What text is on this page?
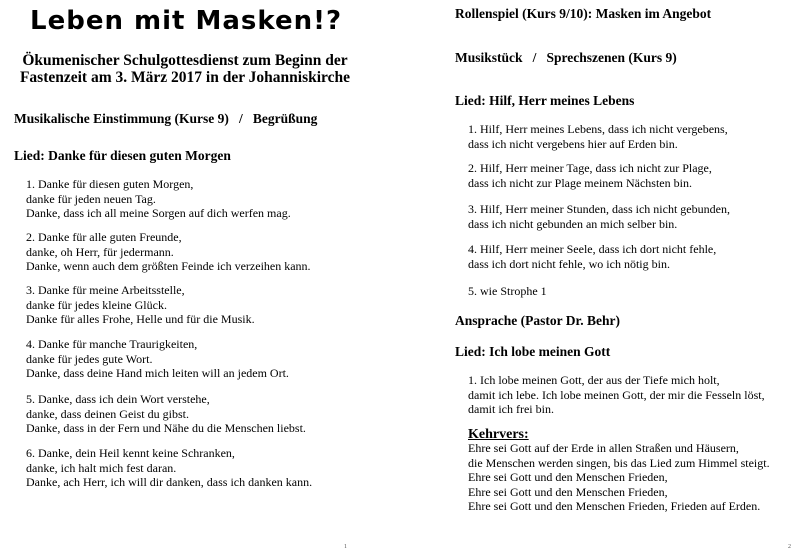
Leben mit Masken!?
Ökumenischer Schulgottesdienst zum Beginn der
Fastenzeit am 3. März 2017 in der Johanniskirche
Musikalische Einstimmung (Kurse 9)   /   Begrüßung
Lied: Danke für diesen guten Morgen
1. Danke für diesen guten Morgen,
danke für jeden neuen Tag.
Danke, dass ich all meine Sorgen auf dich werfen mag.
2. Danke für alle guten Freunde,
danke, oh Herr, für jedermann.
Danke, wenn auch dem größten Feinde ich verzeihen kann.
3. Danke für meine Arbeitsstelle,
danke für jedes kleine Glück.
Danke für alles Frohe, Helle und für die Musik.
4. Danke für manche Traurigkeiten,
danke für jedes gute Wort.
Danke, dass deine Hand mich leiten will an jedem Ort.
5. Danke, dass ich dein Wort verstehe,
danke, dass deinen Geist du gibst.
Danke, dass in der Fern und Nähe du die Menschen liebst.
6. Danke, dein Heil kennt keine Schranken,
danke, ich halt mich fest daran.
Danke, ach Herr, ich will dir danken, dass ich danken kann.
1
Rollenspiel (Kurs 9/10): Masken im Angebot
Musikstück   /   Sprechszenen (Kurs 9)
Lied: Hilf, Herr meines Lebens
1. Hilf, Herr meines Lebens, dass ich nicht vergebens,
dass ich nicht vergebens hier auf Erden bin.
2. Hilf, Herr meiner Tage, dass ich nicht zur Plage,
dass ich nicht zur Plage meinem Nächsten bin.
3. Hilf, Herr meiner Stunden, dass ich nicht gebunden,
dass ich nicht gebunden an mich selber bin.
4. Hilf, Herr meiner Seele, dass ich dort nicht fehle,
dass ich dort nicht fehle, wo ich nötig bin.
5. wie Strophe 1
Ansprache (Pastor Dr. Behr)
Lied: Ich lobe meinen Gott
1. Ich lobe meinen Gott, der aus der Tiefe mich holt,
damit ich lebe. Ich lobe meinen Gott, der mir die Fesseln löst,
damit ich frei bin.
Kehrvers:
Ehre sei Gott auf der Erde in allen Straßen und Häusern,
die Menschen werden singen, bis das Lied zum Himmel steigt.
Ehre sei Gott und den Menschen Frieden,
Ehre sei Gott und den Menschen Frieden,
Ehre sei Gott und den Menschen Frieden, Frieden auf Erden.
2
